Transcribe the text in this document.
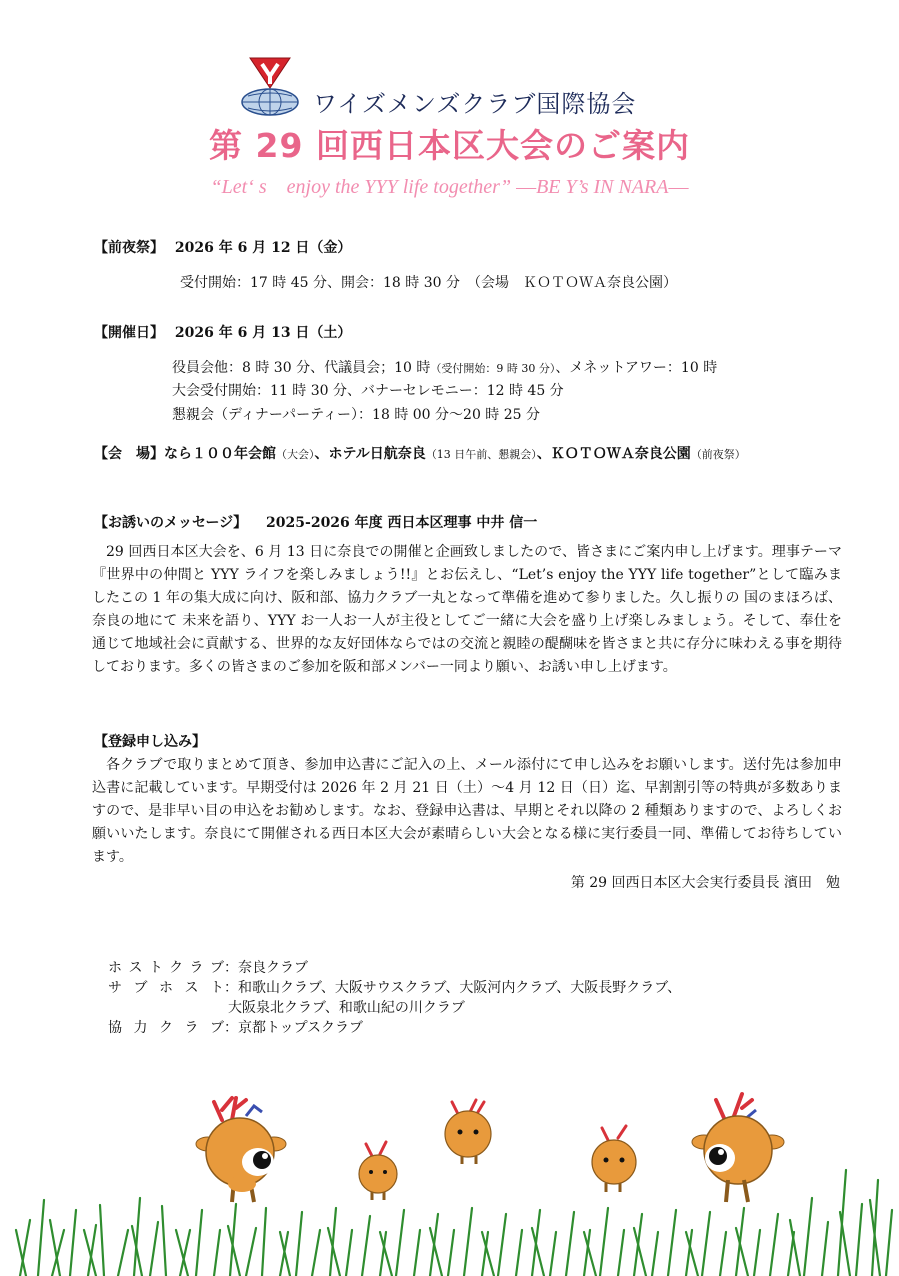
ワイズメンズクラブ国際協会
第 29 回西日本区大会のご案内
“Let‘ s　enjoy the YYY life together” ―BE Y’s IN NARA―
【前夜祭】 2026 年 6 月 12 日（金）
受付開始：17 時 45 分、開会：18 時 30 分　（会場　ＫＯＴＯＷＡ奈良公園）
【開催日】 2026 年 6 月 13 日（土）
役員会他：8 時 30 分、代議員会；10 時（受付開始：9 時 30 分）、メネットアワー：10 時
大会受付開始：11 時 30 分、バナーセレモニー：12 時 45 分
懇親会（ディナーパーティー）：18 時 00 分～20 時 25 分
【会　場】なら１００年会館（大会）、ホテル日航奈良（13 日午前、懇親会）、ＫＯＴＯＷＡ奈良公園（前夜祭）
【お誘いのメッセージ】 2025-2026 年度 西日本区理事 中井 信一
29 回西日本区大会を、6 月 13 日に奈良での開催と企画致しましたので、皆さまにご案内申し上げます。理事テーマ『世界中の仲間と YYY ライフを楽しみましょう!!』とお伝えし、“Let’s enjoy the YYY life together”として臨みましたこの 1 年の集大成に向け、阪和部、協力クラブ一丸となって準備を進めて参りました。久し振りの 国のまほろば、奈良の地にて 未来を語り、YYY お一人お一人が主役としてご一緒に大会を盛り上げ楽しみましょう。そして、奉仕を通じて地域社会に貢献する、世界的な友好団体ならではの交流と親睦の醍醐味を皆さまと共に存分に味わえる事を期待しております。多くの皆さまのご参加を阪和部メンバー一同より願い、お誘い申し上げます。
【登録申し込み】
各クラブで取りまとめて頂き、参加申込書にご記入の上、メール添付にて申し込みをお願いします。送付先は参加申込書に記載しています。早期受付は 2026 年 2 月 21 日（土）～4 月 12 日（日）迄、早割割引等の特典が多数ありますので、是非早い目の申込をお勧めします。なお、登録申込書は、早期とそれ以降の 2 種類ありますので、よろしくお願いいたします。奈良にて開催される西日本区大会が素晴らしい大会となる様に実行委員一同、準備してお待ちしています。
第 29 回西日本区大会実行委員長 濱田　勉
ホストクラブ：奈良クラブ
サブホスト：和歌山クラブ、大阪サウスクラブ、大阪河内クラブ、大阪長野クラブ、
大阪泉北クラブ、和歌山紀の川クラブ
協力クラブ：京都トップスクラブ
